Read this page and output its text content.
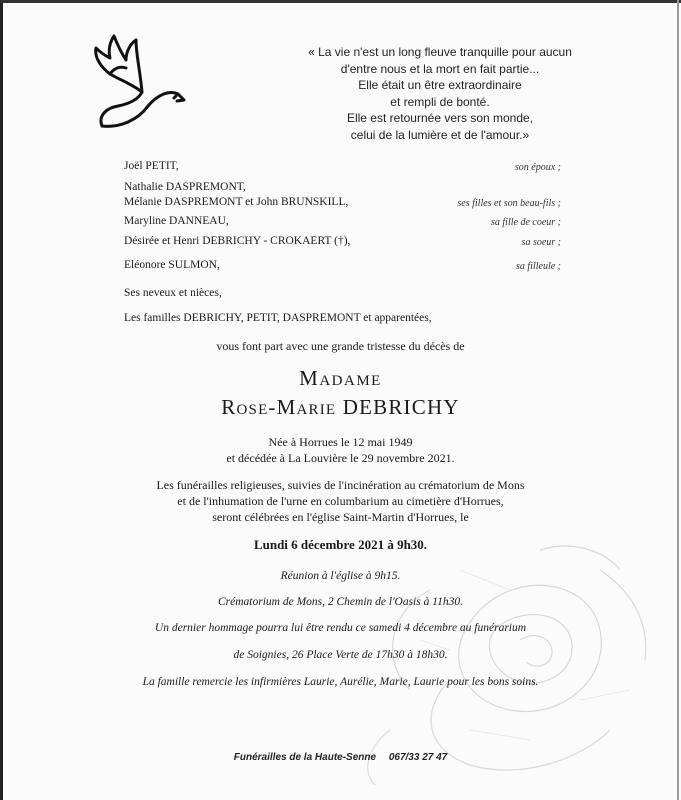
« La vie n'est un long fleuve tranquille pour aucun
d'entre nous et la mort en fait partie...
Elle était un être extraordinaire
et rempli de bonté.
Elle est retournée vers son monde,
celui de la lumière et de l'amour.»
Joël PETIT,	son époux ;
Nathalie DASPREMONT,
Mélanie DASPREMONT et John BRUNSKILL,	ses filles et son beau-fils ;
Maryline DANNEAU,	sa fille de coeur ;
Désirée et Henri DEBRICHY - CROKAERT (†),	sa soeur ;
Eléonore SULMON,	sa filleule ;
Ses neveux et nièces,
Les familles DEBRICHY, PETIT, DASPREMONT et apparentées,
vous font part avec une grande tristesse du décès de
Madame
Rose-Marie DEBRICHY
Née à Horrues le 12 mai 1949
et décédée à La Louvière le 29 novembre 2021.
Les funérailles religieuses, suivies de l'incinération au crématorium de Mons
et de l'inhumation de l'urne en columbarium au cimetière d'Horrues,
seront célébrées en l'église Saint-Martin d'Horrues, le
Lundi 6 décembre 2021 à 9h30.
Réunion à l'église à 9h15.
Crématorium de Mons, 2 Chemin de l'Oasis à 11h30.
Un dernier hommage pourra lui être rendu ce samedi 4 décembre au funérarium
de Soignies, 26 Place Verte de 17h30 à 18h30.
La famille remercie les infirmières Laurie, Aurélie, Marie, Laurie pour les bons soins.
Funérailles de la Haute-Senne 067/33 27 47
